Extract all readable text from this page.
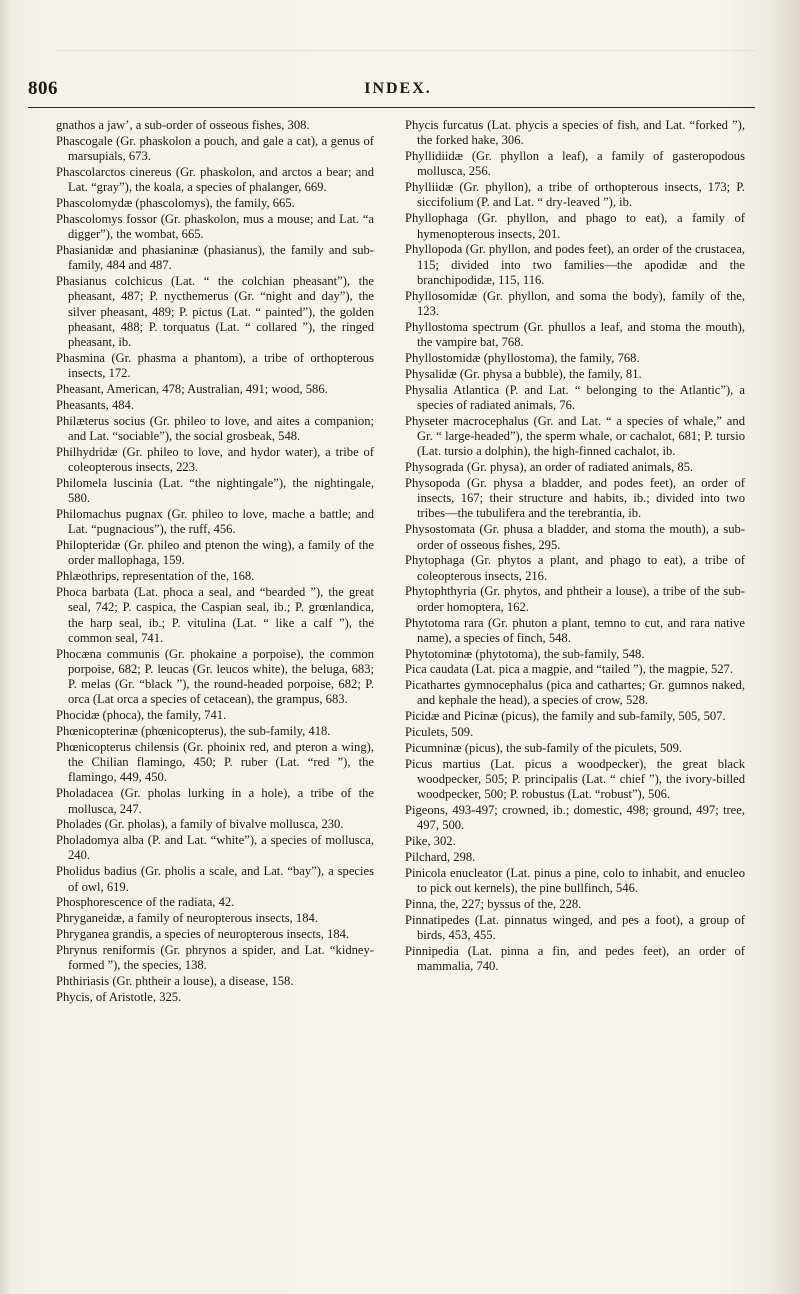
806	INDEX.

gnathos a jaw’, a sub-order of osseous fishes, 308.

Phascogale (Gr. phaskolon a pouch, and gale a cat), a genus of marsupials, 673.

Phascolarctos cinereus (Gr. phaskolon, and arctos a bear; and Lat. “gray”), the koala, a species of phalanger, 669.

Phascolomydæ (phascolomys), the family, 665.

Phascolomys fossor (Gr. phaskolon, mus a mouse; and Lat. “a digger”), the wombat, 665.

Phasianidæ and phasianinæ (phasianus), the family and sub-family, 484 and 487.

Phasianus colchicus (Lat. “ the colchian pheasant”), the pheasant, 487; P. nycthemerus (Gr. “night and day”), the silver pheasant, 489; P. pictus (Lat. “ painted”), the golden pheasant, 488; P. torquatus (Lat. “ collared ”), the ringed pheasant, ib.

Phasmina (Gr. phasma a phantom), a tribe of orthopterous insects, 172.

Pheasant, American, 478; Australian, 491; wood, 586.

Pheasants, 484.

Philæterus socius (Gr. phileo to love, and aites a companion; and Lat. “sociable”), the social grosbeak, 548.

Philhydridæ (Gr. phileo to love, and hydor water), a tribe of coleopterous insects, 223.

Philomela luscinia (Lat. “the nightingale”), the nightingale, 580.

Philomachus pugnax (Gr. phileo to love, mache a battle; and Lat. “pugnacious”), the ruff, 456.

Philopteridæ (Gr. phileo and ptenon the wing), a family of the order mallophaga, 159.

Phlæothrips, representation of the, 168.

Phoca barbata (Lat. phoca a seal, and “bearded ”), the great seal, 742; P. caspica, the Caspian seal, ib.; P. grœnlandica, the harp seal, ib.; P. vitulina (Lat. “ like a calf ”), the common seal, 741.

Phocæna communis (Gr. phokaine a porpoise), the common porpoise, 682; P. leucas (Gr. leucos white), the beluga, 683; P. melas (Gr. “black ”), the round-headed porpoise, 682; P. orca (Lat orca a species of cetacean), the grampus, 683.

Phocidæ (phoca), the family, 741.

Phœnicopterinæ (phœnicopterus), the sub-family, 418.

Phœnicopterus chilensis (Gr. phoinix red, and pteron a wing), the Chilian flamingo, 450; P. ruber (Lat. “red ”), the flamingo, 449, 450.

Pholadacea (Gr. pholas lurking in a hole), a tribe of the mollusca, 247.

Pholades (Gr. pholas), a family of bivalve mollusca, 230.

Pholadomya alba (P. and Lat. “white”), a species of mollusca, 240.

Pholidus badius (Gr. pholis a scale, and Lat. “bay”), a species of owl, 619.

Phosphorescence of the radiata, 42.

Phryganeidæ, a family of neuropterous insects, 184.

Phryganea grandis, a species of neuropterous insects, 184.

Phrynus reniformis (Gr. phrynos a spider, and Lat. “kidney-formed ”), the species, 138.

Phthiriasis (Gr. phtheir a louse), a disease, 158.

Phycis, of Aristotle, 325.

Phycis furcatus (Lat. phycis a species of fish, and Lat. “forked ”), the forked hake, 306.

Phyllidiidæ (Gr. phyllon a leaf), a family of gasteropodous mollusca, 256.

Phylliidæ (Gr. phyllon), a tribe of orthopterous insects, 173; P. siccifolium (P. and Lat. “ dry-leaved ”), ib.

Phyllophaga (Gr. phyllon, and phago to eat), a family of hymenopterous insects, 201.

Phyllopoda (Gr. phyllon, and podes feet), an order of the crustacea, 115; divided into two families—the apodidæ and the branchipodidæ, 115, 116.

Phyllosomidæ (Gr. phyllon, and soma the body), family of the, 123.

Phyllostoma spectrum (Gr. phullos a leaf, and stoma the mouth), the vampire bat, 768.

Phyllostomidæ (phyllostoma), the family, 768.

Physalidæ (Gr. physa a bubble), the family, 81.

Physalia Atlantica (P. and Lat. “ belonging to the Atlantic”), a species of radiated animals, 76.

Physeter macrocephalus (Gr. and Lat. “ a species of whale,” and Gr. “ large-headed”), the sperm whale, or cachalot, 681; P. tursio (Lat. tursio a dolphin), the high-finned cachalot, ib.

Physograda (Gr. physa), an order of radiated animals, 85.

Physopoda (Gr. physa a bladder, and podes feet), an order of insects, 167; their structure and habits, ib.; divided into two tribes—the tubulifera and the terebrantia, ib.

Physostomata (Gr. phusa a bladder, and stoma the mouth), a sub-order of osseous fishes, 295.

Phytophaga (Gr. phytos a plant, and phago to eat), a tribe of coleopterous insects, 216.

Phytophthyria (Gr. phytos, and phtheir a louse), a tribe of the sub-order homoptera, 162.

Phytotoma rara (Gr. phuton a plant, temno to cut, and rara native name), a species of finch, 548.

Phytotominæ (phytotoma), the sub-family, 548.

Pica caudata (Lat. pica a magpie, and “tailed ”), the magpie, 527.

Picathartes gymnocephalus (pica and cathartes; Gr. gumnos naked, and kephale the head), a species of crow, 528.

Picidæ and Picinæ (picus), the family and sub-family, 505, 507.

Piculets, 509.

Picumninæ (picus), the sub-family of the piculets, 509.

Picus martius (Lat. picus a woodpecker), the great black woodpecker, 505; P. principalis (Lat. “ chief ”), the ivory-billed woodpecker, 500; P. robustus (Lat. “robust”), 506.

Pigeons, 493-497; crowned, ib.; domestic, 498; ground, 497; tree, 497, 500.

Pike, 302.

Pilchard, 298.

Pinicola enucleator (Lat. pinus a pine, colo to inhabit, and enucleo to pick out kernels), the pine bullfinch, 546.

Pinna, the, 227; byssus of the, 228.

Pinnatipedes (Lat. pinnatus winged, and pes a foot), a group of birds, 453, 455.

Pinnipedia (Lat. pinna a fin, and pedes feet), an order of mammalia, 740.
